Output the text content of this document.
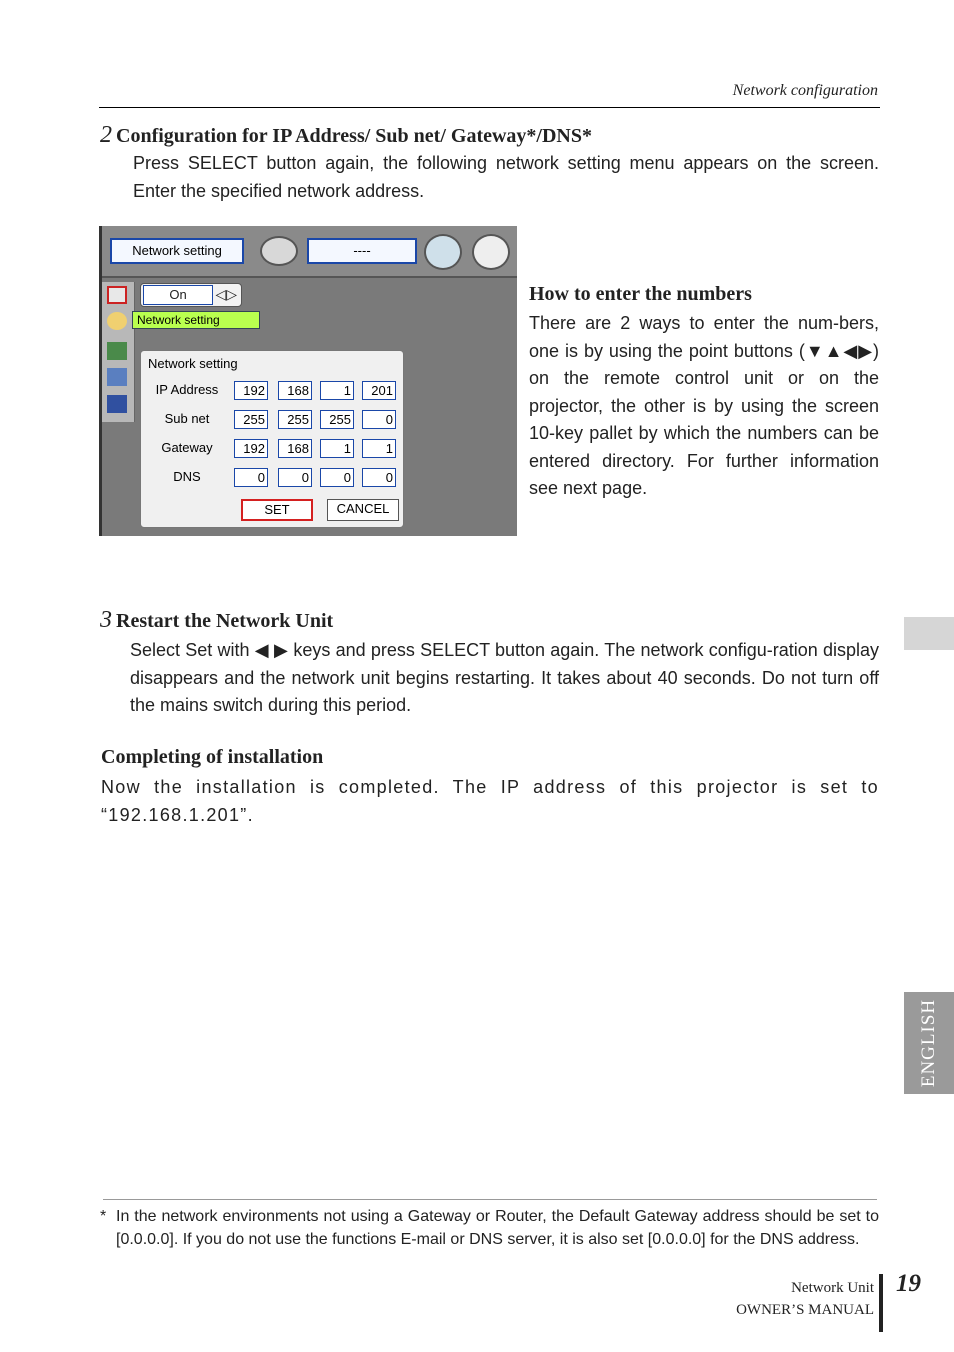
Network configuration
2 Configuration for IP Address/ Sub net/ Gateway*/DNS*
Press SELECT button again, the following network setting menu appears on the screen. Enter the specified network address.
Network setting	----
On	◁▷
Network setting
Network setting
IP Address	192	168	1	201
Sub net	255	255	255	0
Gateway	192	168	1	1
DNS	0	0	0	0
SET	CANCEL
How to enter the numbers
There are 2 ways to enter the num-bers, one is by using the point buttons (▼▲◀▶) on the remote control unit or on the projector, the other is by using the screen 10-key pallet by which the numbers can be entered directory. For further information see next page.
3 Restart the Network Unit
Select Set with ◀ ▶ keys and press SELECT button again. The network configu-ration display disappears and the network unit begins restarting. It takes about 40 seconds. Do not turn off the mains switch during this period.
Completing of installation
Now the installation is completed. The IP address of this projector is set to “192.168.1.201”.
ENGLISH
* In the network environments not using a Gateway or Router, the Default Gateway address should be set to [0.0.0.0]. If you do not use the functions E-mail or DNS server, it is also set [0.0.0.0] for the DNS address.
Network Unit
OWNER’S MANUAL
19
